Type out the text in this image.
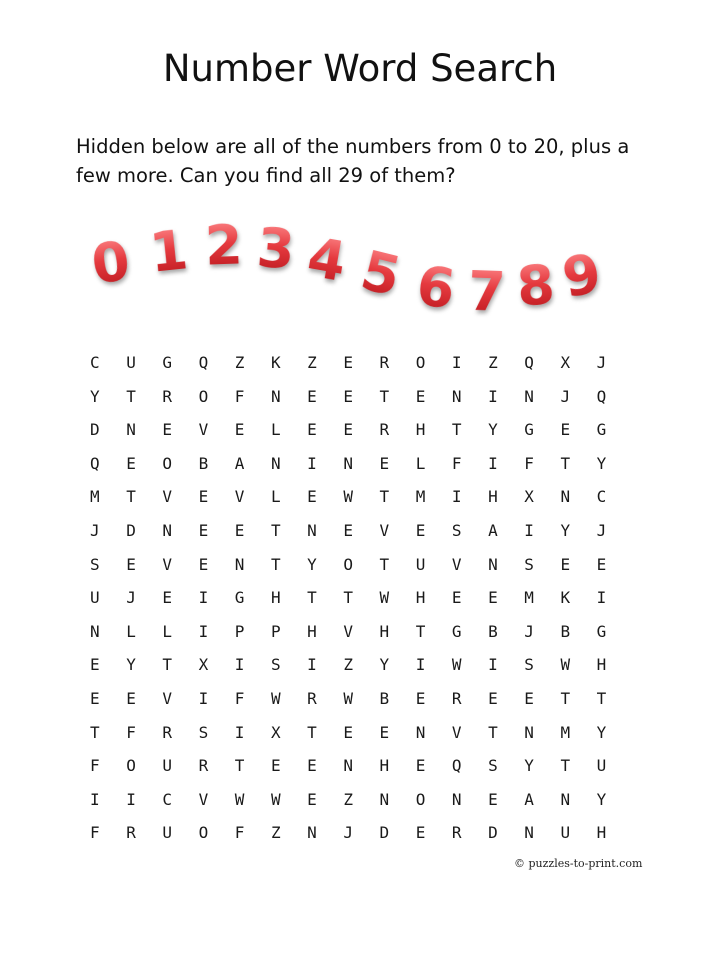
Number Word Search
Hidden below are all of the numbers from 0 to 20, plus a
few more. Can you find all 29 of them?
0 1 2 3 4 5 6 7 8 9
C	U	G	Q	Z	K	Z	E	R	O	I	Z	Q	X	J
Y	T	R	O	F	N	E	E	T	E	N	I	N	J	Q
D	N	E	V	E	L	E	E	R	H	T	Y	G	E	G
Q	E	O	B	A	N	I	N	E	L	F	I	F	T	Y
M	T	V	E	V	L	E	W	T	M	I	H	X	N	C
J	D	N	E	E	T	N	E	V	E	S	A	I	Y	J
S	E	V	E	N	T	Y	O	T	U	V	N	S	E	E
U	J	E	I	G	H	T	T	W	H	E	E	M	K	I
N	L	L	I	P	P	H	V	H	T	G	B	J	B	G
E	Y	T	X	I	S	I	Z	Y	I	W	I	S	W	H
E	E	V	I	F	W	R	W	B	E	R	E	E	T	T
T	F	R	S	I	X	T	E	E	N	V	T	N	M	Y
F	O	U	R	T	E	E	N	H	E	Q	S	Y	T	U
I	I	C	V	W	W	E	Z	N	O	N	E	A	N	Y
F	R	U	O	F	Z	N	J	D	E	R	D	N	U	H
© puzzles-to-print.com
